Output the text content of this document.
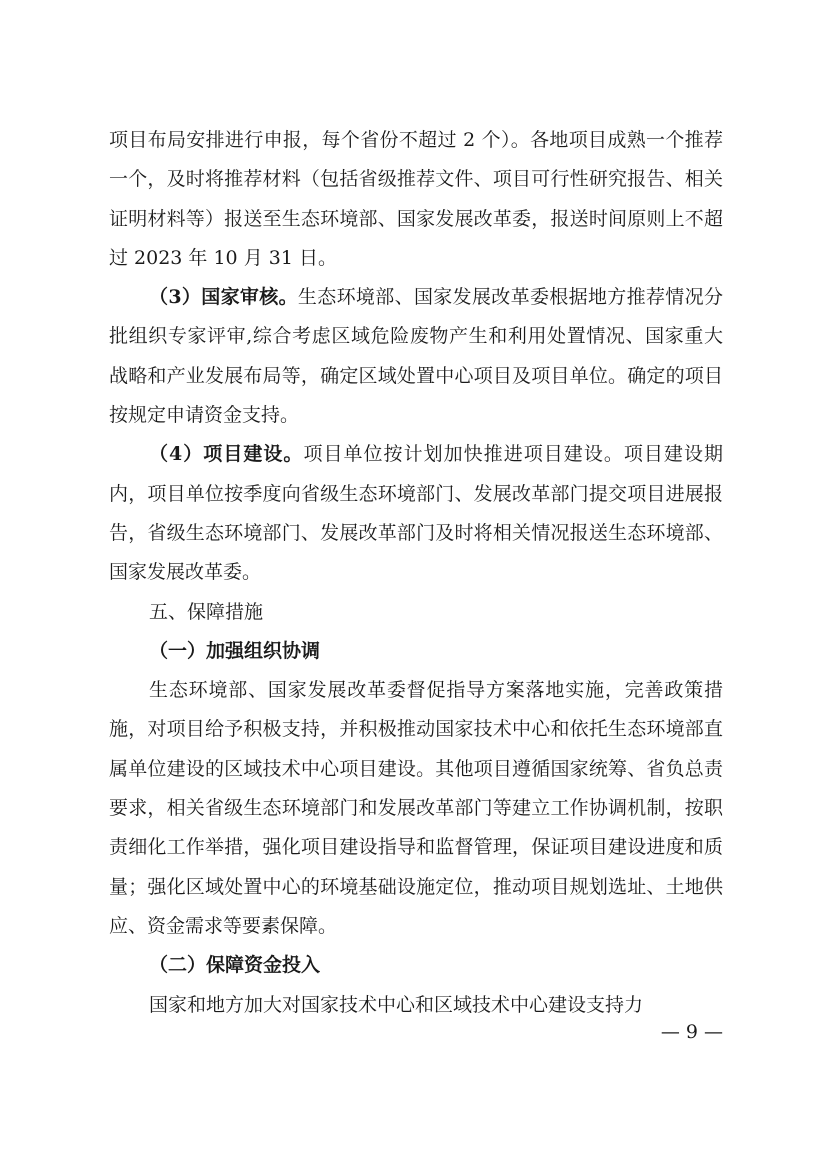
项目布局安排进行申报，每个省份不超过 2 个）。各地项目成熟一个推荐一个，及时将推荐材料（包括省级推荐文件、项目可行性研究报告、相关证明材料等）报送至生态环境部、国家发展改革委，报送时间原则上不超过 2023 年 10 月 31 日。

（3）国家审核。生态环境部、国家发展改革委根据地方推荐情况分批组织专家评审,综合考虑区域危险废物产生和利用处置情况、国家重大战略和产业发展布局等，确定区域处置中心项目及项目单位。确定的项目按规定申请资金支持。

（4）项目建设。项目单位按计划加快推进项目建设。项目建设期内，项目单位按季度向省级生态环境部门、发展改革部门提交项目进展报告，省级生态环境部门、发展改革部门及时将相关情况报送生态环境部、国家发展改革委。

五、保障措施

（一）加强组织协调

生态环境部、国家发展改革委督促指导方案落地实施，完善政策措施，对项目给予积极支持，并积极推动国家技术中心和依托生态环境部直属单位建设的区域技术中心项目建设。其他项目遵循国家统筹、省负总责要求，相关省级生态环境部门和发展改革部门等建立工作协调机制，按职责细化工作举措，强化项目建设指导和监督管理，保证项目建设进度和质量；强化区域处置中心的环境基础设施定位，推动项目规划选址、土地供应、资金需求等要素保障。

（二）保障资金投入

国家和地方加大对国家技术中心和区域技术中心建设支持力

— 9 —
